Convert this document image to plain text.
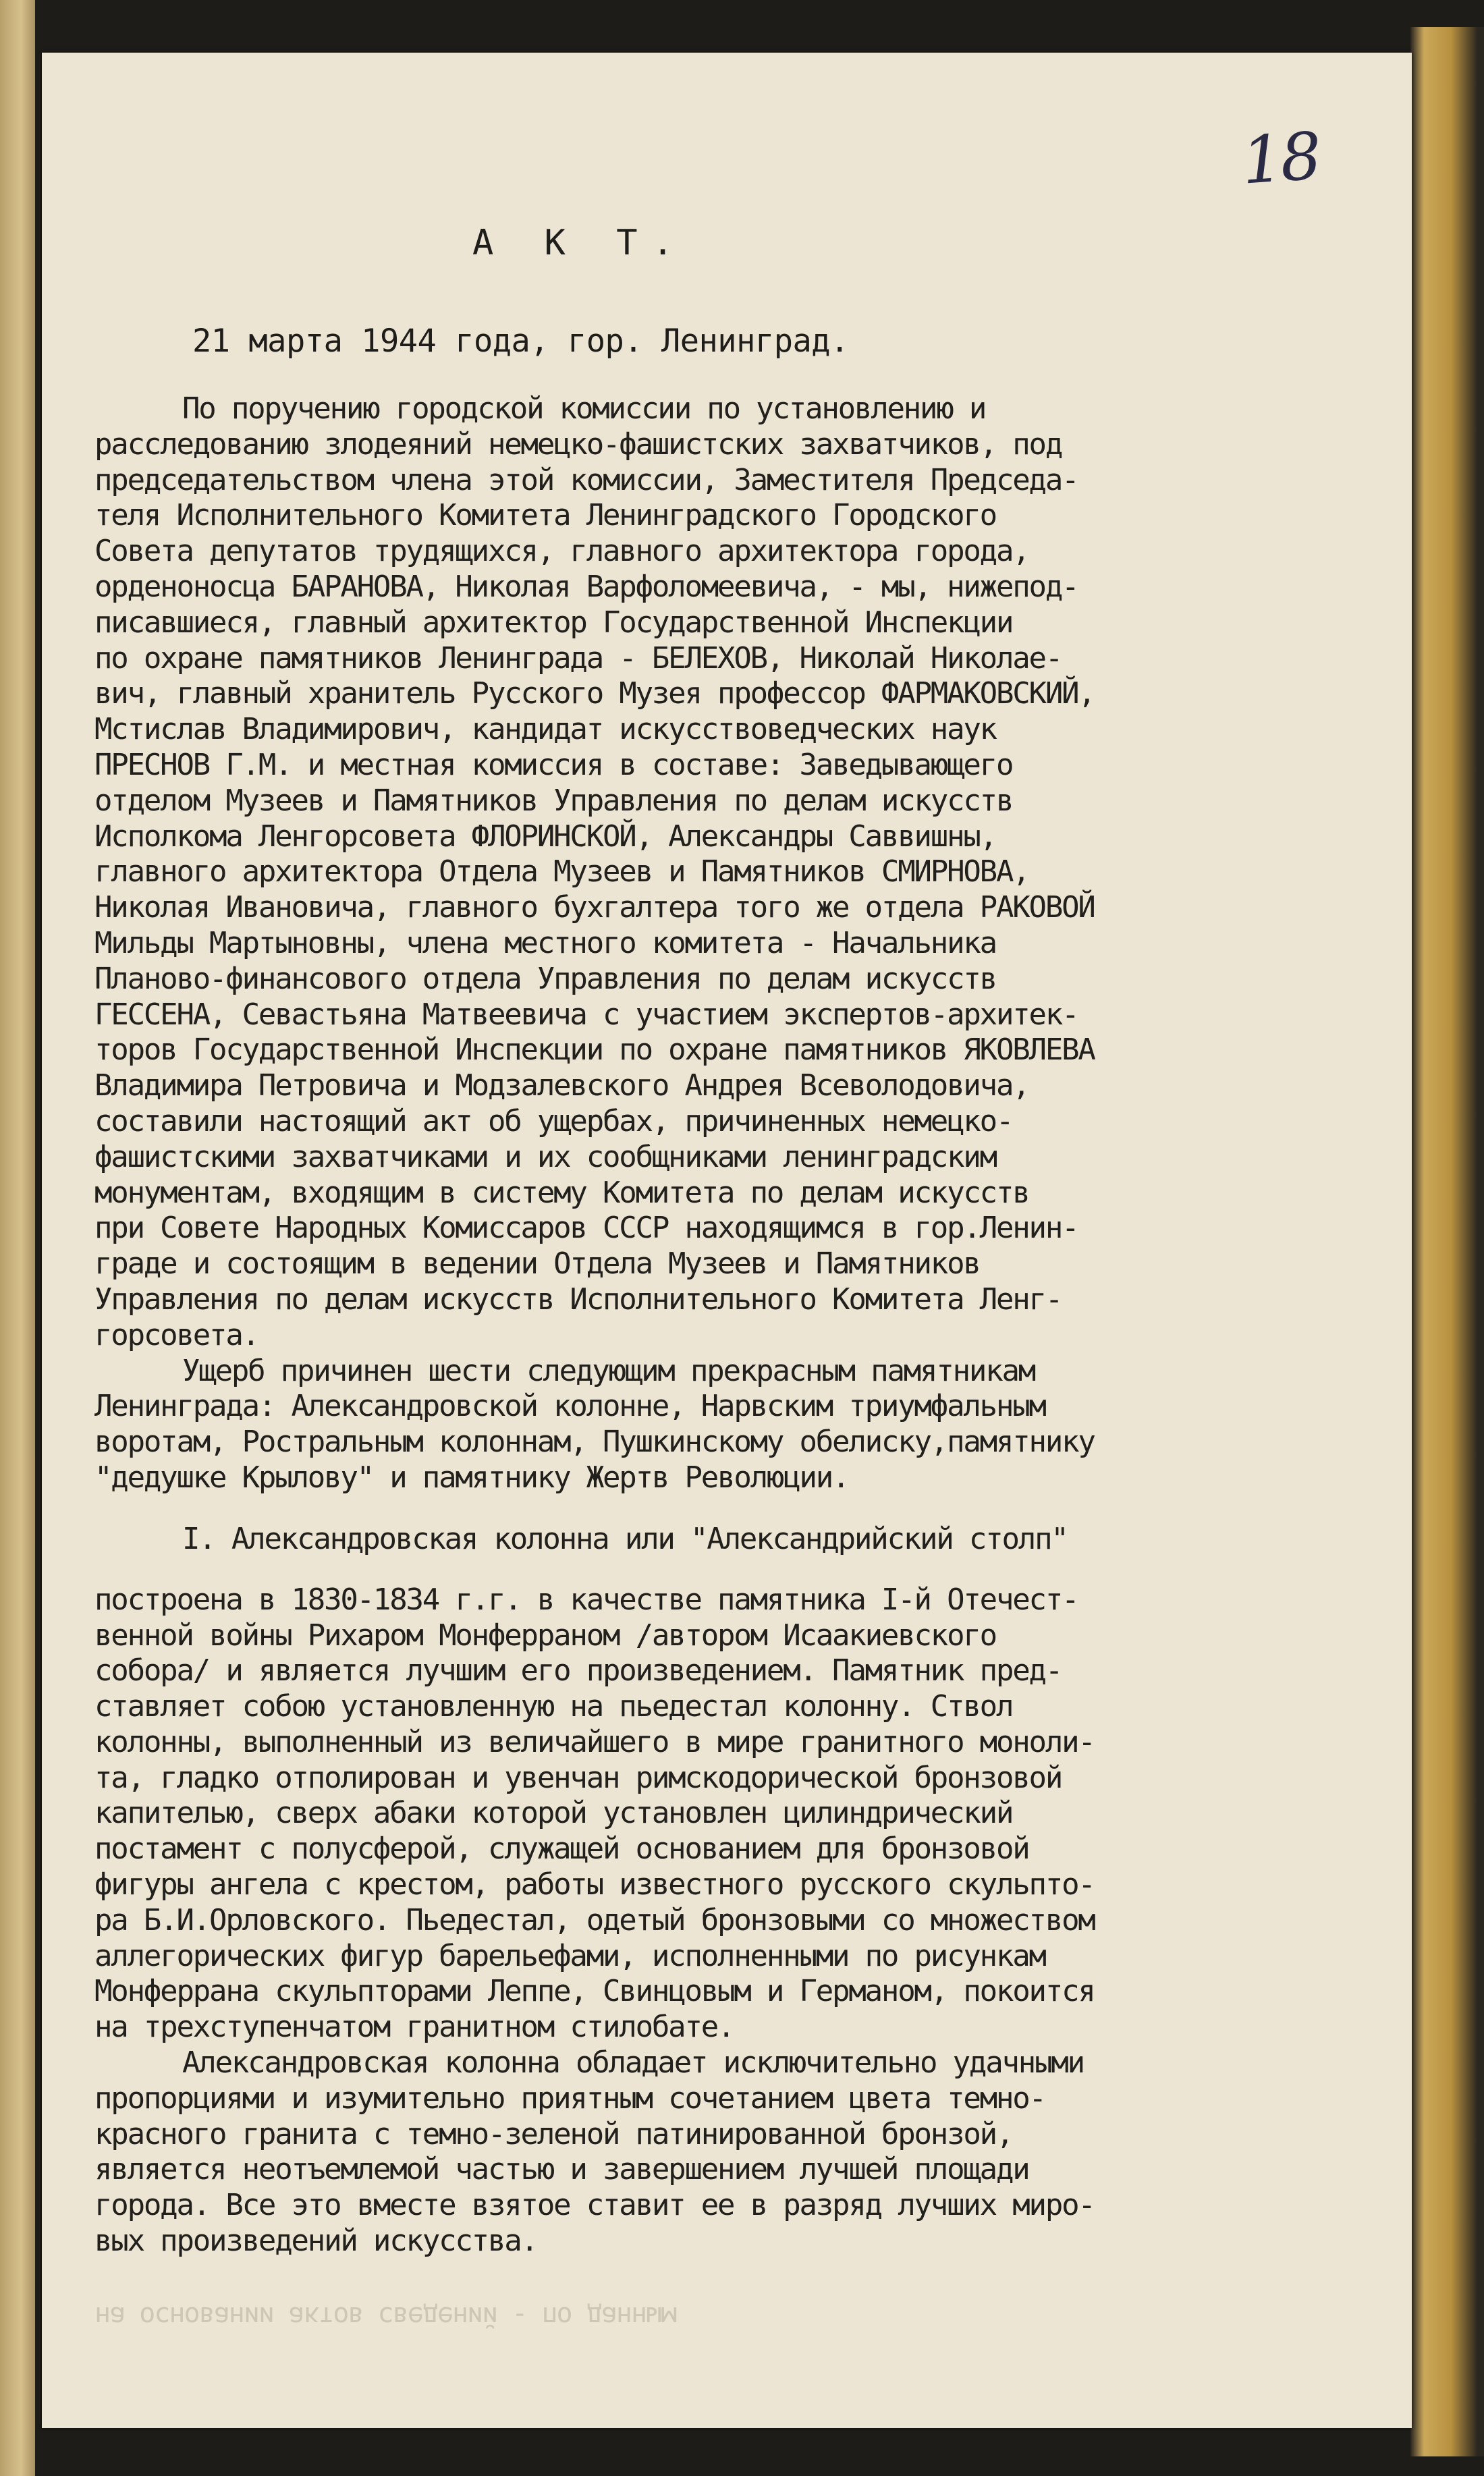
18
А К Т.
21 марта 1944 года, гор. Ленинград.
По поручению городской комиссии по установлению и
расследованию злодеяний немецко-фашистских захватчиков, под
председательством члена этой комиссии, Заместителя Председа-
теля Исполнительного Комитета Ленинградского Городского
Совета депутатов трудящихся, главного архитектора города,
орденоносца БАРАНОВА, Николая Варфоломеевича, - мы, нижепод-
писавшиеся, главный архитектор Государственной Инспекции
по охране памятников Ленинграда - БЕЛЕХОВ, Николай Николае-
вич, главный хранитель Русского Музея профессор ФАРМАКОВСКИЙ,
Мстислав Владимирович, кандидат искусствоведческих наук
ПРЕСНОВ Г.М. и местная комиссия в составе: Заведывающего
отделом Музеев и Памятников Управления по делам искусств
Исполкома Ленгорсовета ФЛОРИНСКОЙ, Александры Саввишны,
главного архитектора Отдела Музеев и Памятников СМИРНОВА,
Николая Ивановича, главного бухгалтера того же отдела РАКОВОЙ
Мильды Мартыновны, члена местного комитета - Начальника
Планово-финансового отдела Управления по делам искусств
ГЕССЕНА, Севастьяна Матвеевича с участием экспертов-архитек-
торов Государственной Инспекции по охране памятников ЯКОВЛЕВА
Владимира Петровича и Модзалевского Андрея Всеволодовича,
составили настоящий акт об ущербах, причиненных немецко-
фашистскими захватчиками и их сообщниками ленинградским
монументам, входящим в систему Комитета по делам искусств
при Совете Народных Комиссаров СССР находящимся в гор.Ленин-
граде и состоящим в ведении Отдела Музеев и Памятников
Управления по делам искусств Исполнительного Комитета Ленг-
горсовета.
Ущерб причинен шести следующим прекрасным памятникам
Ленинграда: Александровской колонне, Нарвским триумфальным
воротам, Ростральным колоннам, Пушкинскому обелиску,памятнику
"дедушке Крылову" и памятнику Жертв Революции.
I. Александровская колонна или "Александрийский столп"
построена в 1830-1834 г.г. в качестве памятника I-й Отечест-
венной войны Рихаром Монферраном /автором Исаакиевского
собора/ и является лучшим его произведением. Памятник пред-
ставляет собою установленную на пьедестал колонну. Ствол
колонны, выполненный из величайшего в мире гранитного моноли-
та, гладко отполирован и увенчан римскодорической бронзовой
капителью, сверх абаки которой установлен цилиндрический
постамент с полусферой, служащей основанием для бронзовой
фигуры ангела с крестом, работы известного русского скульпто-
ра Б.И.Орловского. Пьедестал, одетый бронзовыми со множеством
аллегорических фигур барельефами, исполненными по рисункам
Монферрана скульпторами Леппе, Свинцовым и Германом, покоится
на трехступенчатом гранитном стилобате.
Александровская колонна обладает исключительно удачными
пропорциями и изумительно приятным сочетанием цвета темно-
красного гранита с темно-зеленой патинированной бронзой,
является неотъемлемой частью и завершением лучшей площади
города. Все это вместе взятое ставит ее в разряд лучших миро-
вых произведений искусства.
на основании актов сведений - по данным
